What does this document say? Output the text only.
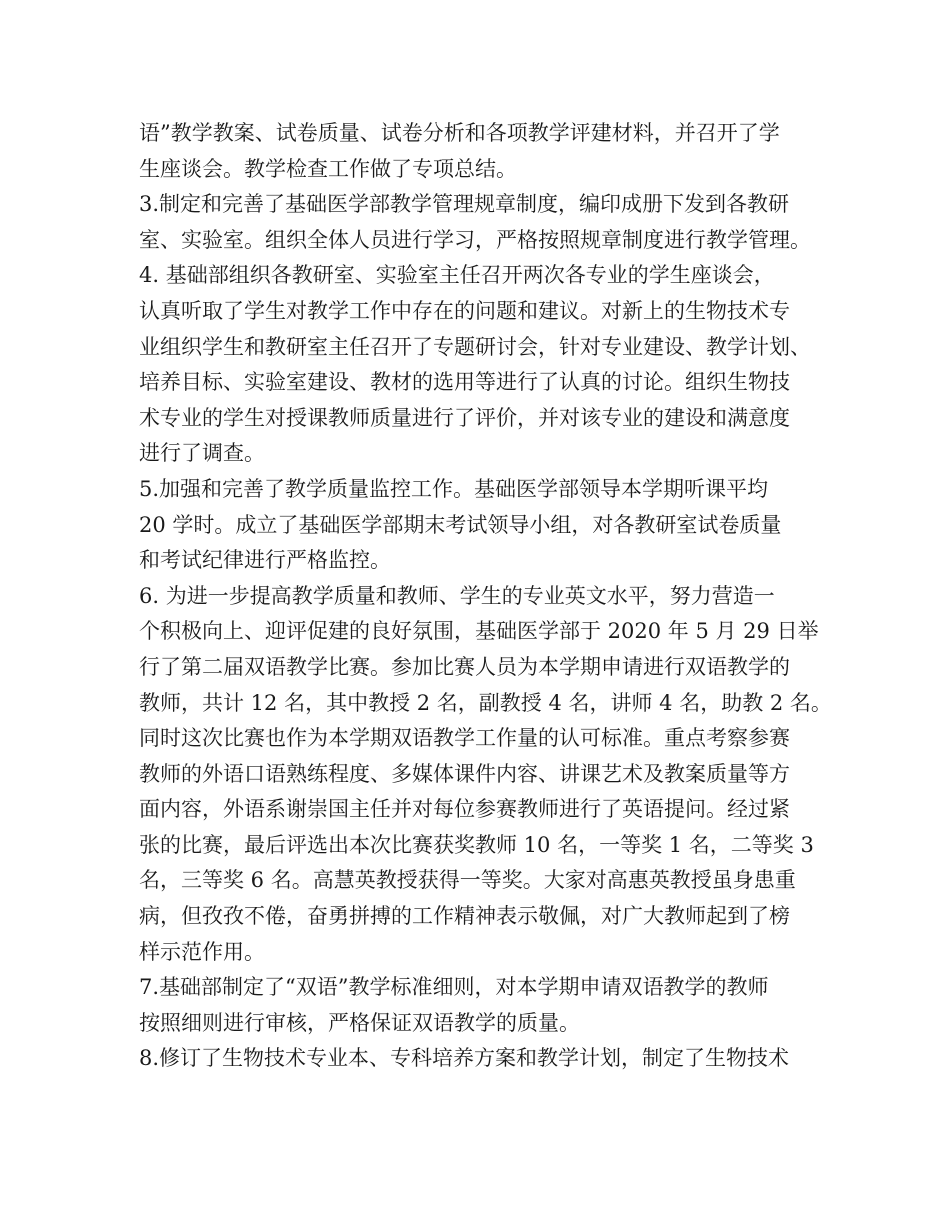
语”教学教案、试卷质量、试卷分析和各项教学评建材料，并召开了学
生座谈会。教学检查工作做了专项总结。
3.制定和完善了基础医学部教学管理规章制度，编印成册下发到各教研
室、实验室。组织全体人员进行学习，严格按照规章制度进行教学管理。
4. 基础部组织各教研室、实验室主任召开两次各专业的学生座谈会，
认真听取了学生对教学工作中存在的问题和建议。对新上的生物技术专
业组织学生和教研室主任召开了专题研讨会，针对专业建设、教学计划、
培养目标、实验室建设、教材的选用等进行了认真的讨论。组织生物技
术专业的学生对授课教师质量进行了评价，并对该专业的建设和满意度
进行了调查。
5.加强和完善了教学质量监控工作。基础医学部领导本学期听课平均
20 学时。成立了基础医学部期末考试领导小组，对各教研室试卷质量
和考试纪律进行严格监控。
6. 为进一步提高教学质量和教师、学生的专业英文水平，努力营造一
个积极向上、迎评促建的良好氛围，基础医学部于 2020 年 5 月 29 日举
行了第二届双语教学比赛。参加比赛人员为本学期申请进行双语教学的
教师，共计 12 名，其中教授 2 名，副教授 4 名，讲师 4 名，助教 2 名。
同时这次比赛也作为本学期双语教学工作量的认可标准。重点考察参赛
教师的外语口语熟练程度、多媒体课件内容、讲课艺术及教案质量等方
面内容，外语系谢崇国主任并对每位参赛教师进行了英语提问。经过紧
张的比赛，最后评选出本次比赛获奖教师 10 名，一等奖 1 名，二等奖 3
名，三等奖 6 名。高慧英教授获得一等奖。大家对高惠英教授虽身患重
病，但孜孜不倦，奋勇拼搏的工作精神表示敬佩，对广大教师起到了榜
样示范作用。
7.基础部制定了“双语”教学标准细则，对本学期申请双语教学的教师
按照细则进行审核，严格保证双语教学的质量。
8.修订了生物技术专业本、专科培养方案和教学计划，制定了生物技术
